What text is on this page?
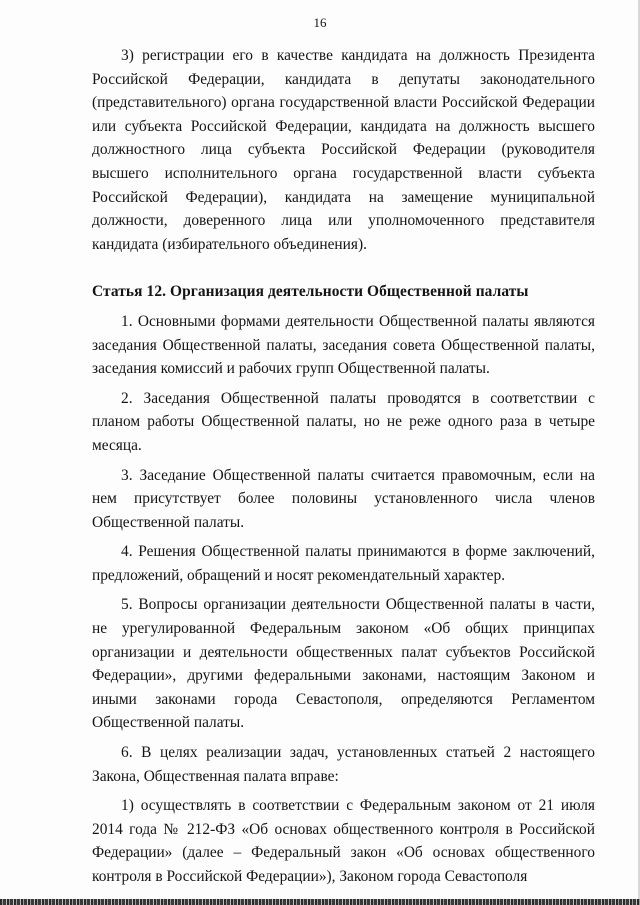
16

3) регистрации его в качестве кандидата на должность Президента Российской Федерации, кандидата в депутаты законодательного (представительного) органа государственной власти Российской Федерации или субъекта Российской Федерации, кандидата на должность высшего должностного лица субъекта Российской Федерации (руководителя высшего исполнительного органа государственной власти субъекта Российской Федерации), кандидата на замещение муниципальной должности, доверенного лица или уполномоченного представителя кандидата (избирательного объединения).

Статья 12. Организация деятельности Общественной палаты

1. Основными формами деятельности Общественной палаты являются заседания Общественной палаты, заседания совета Общественной палаты, заседания комиссий и рабочих групп Общественной палаты.

2. Заседания Общественной палаты проводятся в соответствии с планом работы Общественной палаты, но не реже одного раза в четыре месяца.

3. Заседание Общественной палаты считается правомочным, если на нем присутствует более половины установленного числа членов Общественной палаты.

4. Решения Общественной палаты принимаются в форме заключений, предложений, обращений и носят рекомендательный характер.

5. Вопросы организации деятельности Общественной палаты в части, не урегулированной Федеральным законом «Об общих принципах организации и деятельности общественных палат субъектов Российской Федерации», другими федеральными законами, настоящим Законом и иными законами города Севастополя, определяются Регламентом Общественной палаты.

6. В целях реализации задач, установленных статьей 2 настоящего Закона, Общественная палата вправе:

1) осуществлять в соответствии с Федеральным законом от 21 июля 2014 года № 212-ФЗ «Об основах общественного контроля в Российской Федерации» (далее – Федеральный закон «Об основах общественного контроля в Российской Федерации»), Законом города Севастополя
